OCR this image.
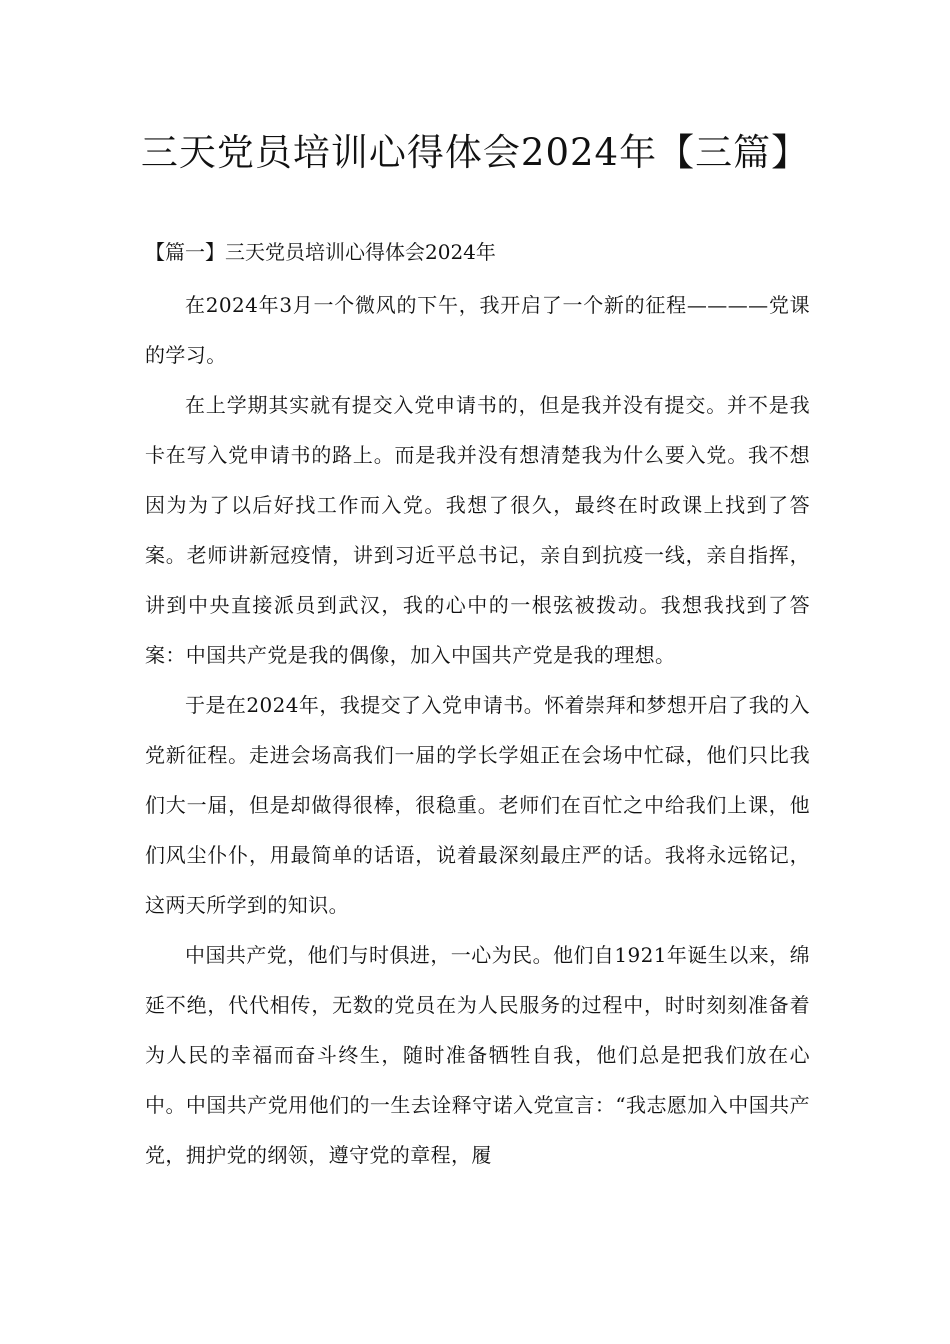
三天党员培训心得体会2024年【三篇】

【篇一】三天党员培训心得体会2024年

在2024年3月一个微风的下午，我开启了一个新的征程————党课的学习。

在上学期其实就有提交入党申请书的，但是我并没有提交。并不是我卡在写入党申请书的路上。而是我并没有想清楚我为什么要入党。我不想因为为了以后好找工作而入党。我想了很久，最终在时政课上找到了答案。老师讲新冠疫情，讲到习近平总书记，亲自到抗疫一线，亲自指挥，讲到中央直接派员到武汉，我的心中的一根弦被拨动。我想我找到了答案：中国共产党是我的偶像，加入中国共产党是我的理想。

于是在2024年，我提交了入党申请书。怀着崇拜和梦想开启了我的入党新征程。走进会场高我们一届的学长学姐正在会场中忙碌，他们只比我们大一届，但是却做得很棒，很稳重。老师们在百忙之中给我们上课，他们风尘仆仆，用最简单的话语，说着最深刻最庄严的话。我将永远铭记，这两天所学到的知识。

中国共产党，他们与时俱进，一心为民。他们自1921年诞生以来，绵延不绝，代代相传，无数的党员在为人民服务的过程中，时时刻刻准备着为人民的幸福而奋斗终生，随时准备牺牲自我，他们总是把我们放在心中。中国共产党用他们的一生去诠释守诺入党宣言：“我志愿加入中国共产党，拥护党的纲领，遵守党的章程，履
